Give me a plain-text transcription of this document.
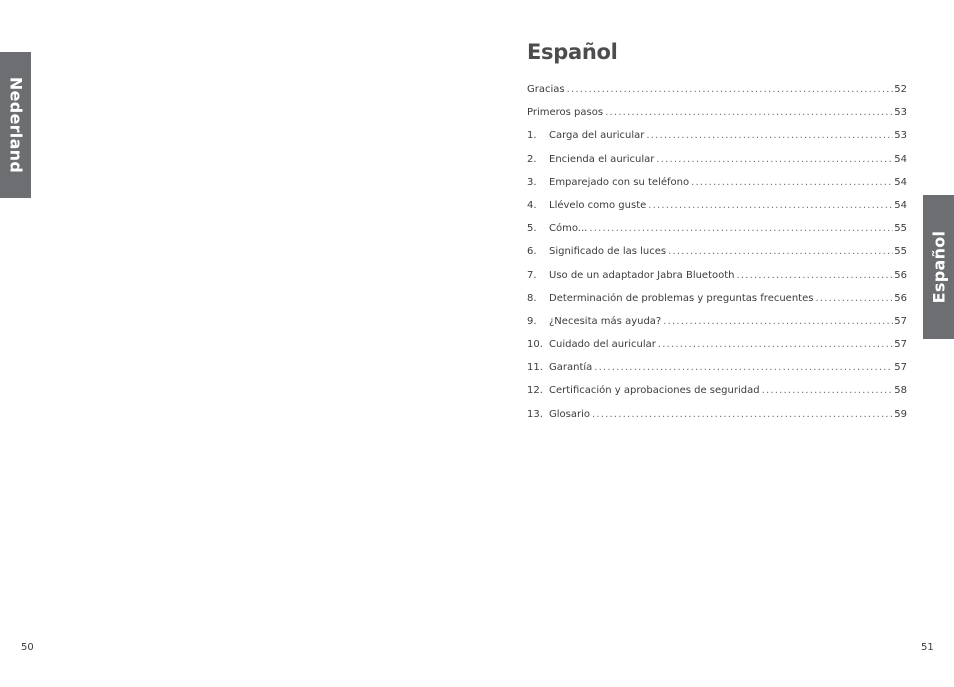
Nederland
Español
Español
Gracias .....	52
Primeros pasos .....	53
1.	Carga del auricular .....	53
2.	Encienda el auricular .....	54
3.	Emparejado con su teléfono .....	54
4.	Llévelo como guste .....	54
5.	Cómo... .....	55
6.	Significado de las luces .....	55
7.	Uso de un adaptador Jabra Bluetooth .....	56
8.	Determinación de problemas y preguntas frecuentes .....	56
9.	¿Necesita más ayuda? .....	57
10. Cuidado del auricular .....	57
11. Garantía .....	57
12. Certificación y aprobaciones de seguridad .....	58
13. Glosario .....	59
50	51
